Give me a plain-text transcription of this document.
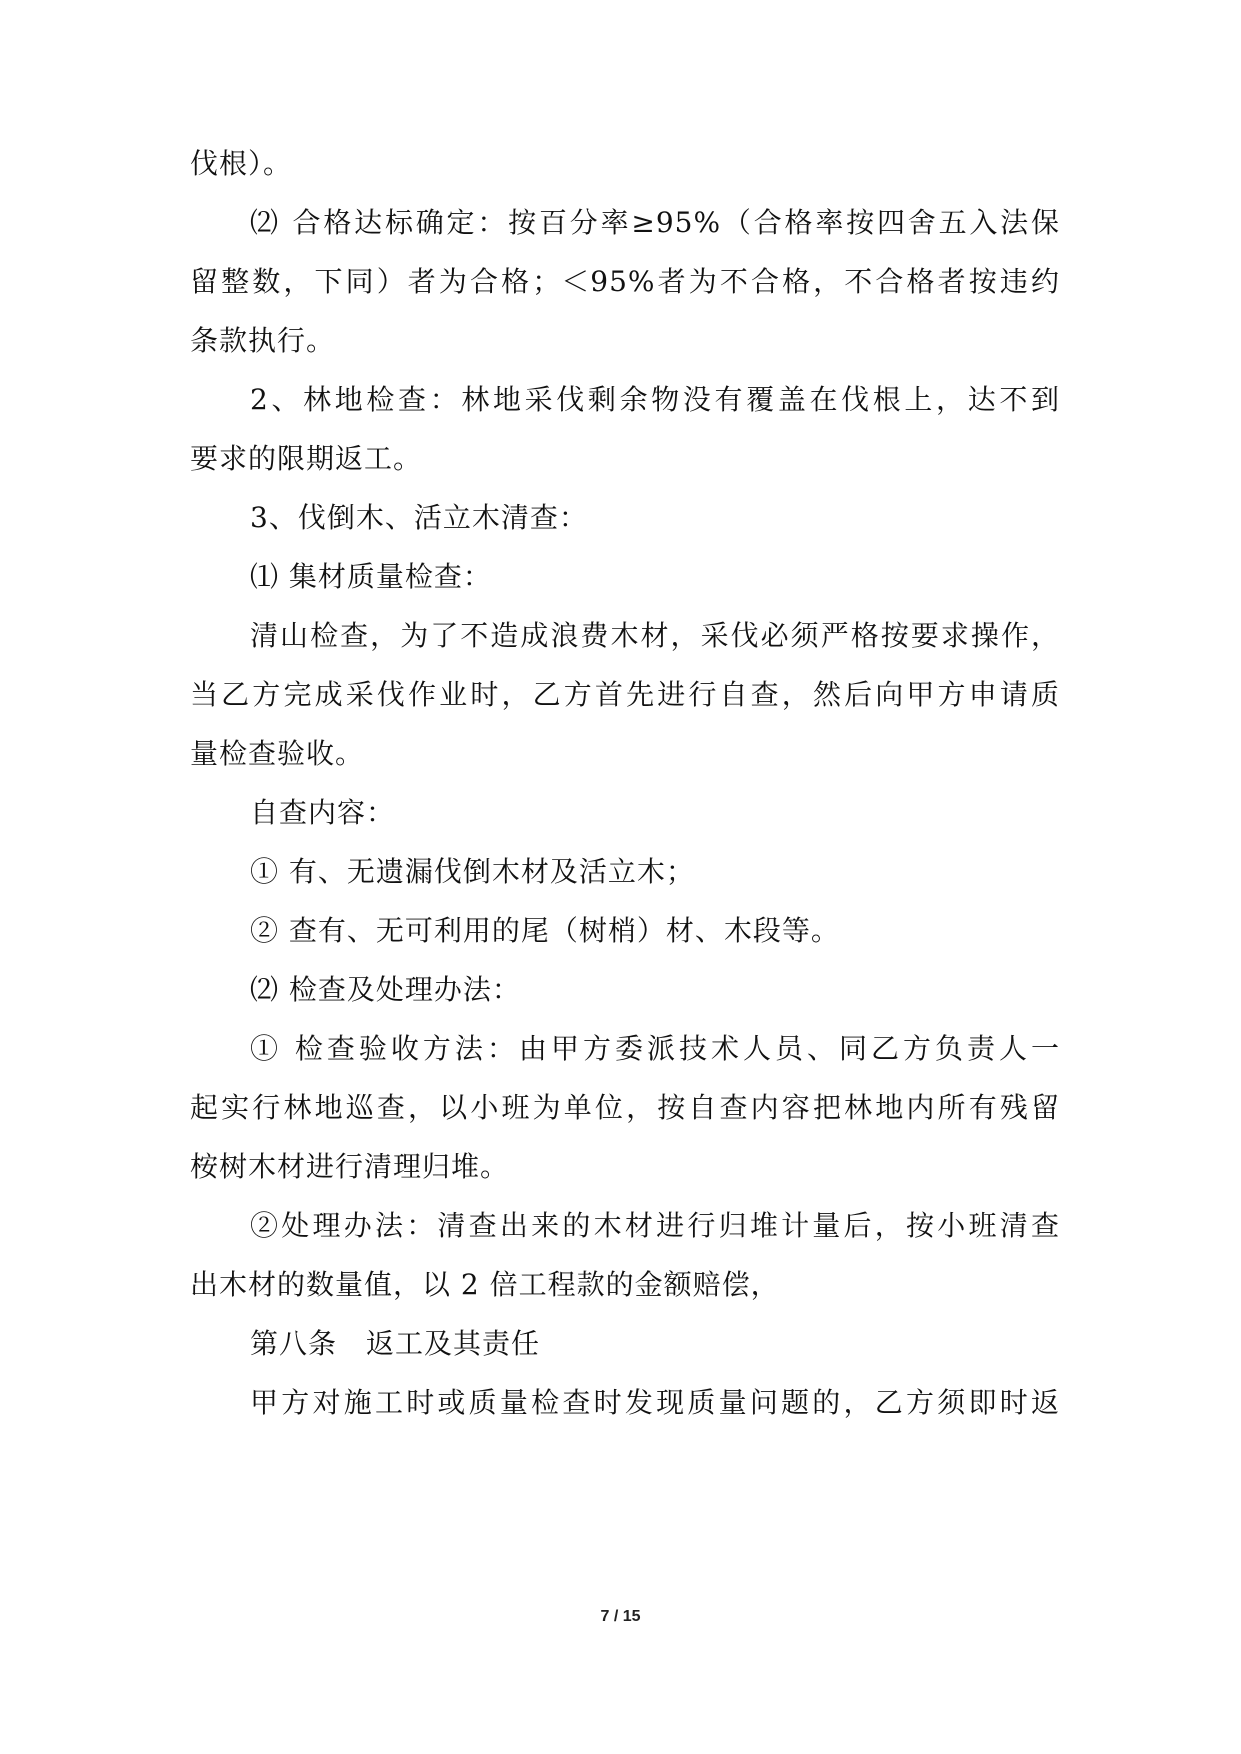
伐根）。
⑵ 合格达标确定：按百分率≥95%（合格率按四舍五入法保
留整数，下同）者为合格；＜95%者为不合格，不合格者按违约
条款执行。
2、林地检查：林地采伐剩余物没有覆盖在伐根上，达不到
要求的限期返工。
3、伐倒木、活立木清查：
⑴ 集材质量检查：
清山检查，为了不造成浪费木材，采伐必须严格按要求操作，
当乙方完成采伐作业时，乙方首先进行自查，然后向甲方申请质
量检查验收。
自查内容：
① 有、无遗漏伐倒木材及活立木；
② 查有、无可利用的尾（树梢）材、木段等。
⑵ 检查及处理办法：
① 检查验收方法：由甲方委派技术人员、同乙方负责人一
起实行林地巡查，以小班为单位，按自查内容把林地内所有残留
桉树木材进行清理归堆。
②处理办法：清查出来的木材进行归堆计量后，按小班清查
出木材的数量值，以 2 倍工程款的金额赔偿，
第八条　返工及其责任
甲方对施工时或质量检查时发现质量问题的，乙方须即时返
7 / 15
